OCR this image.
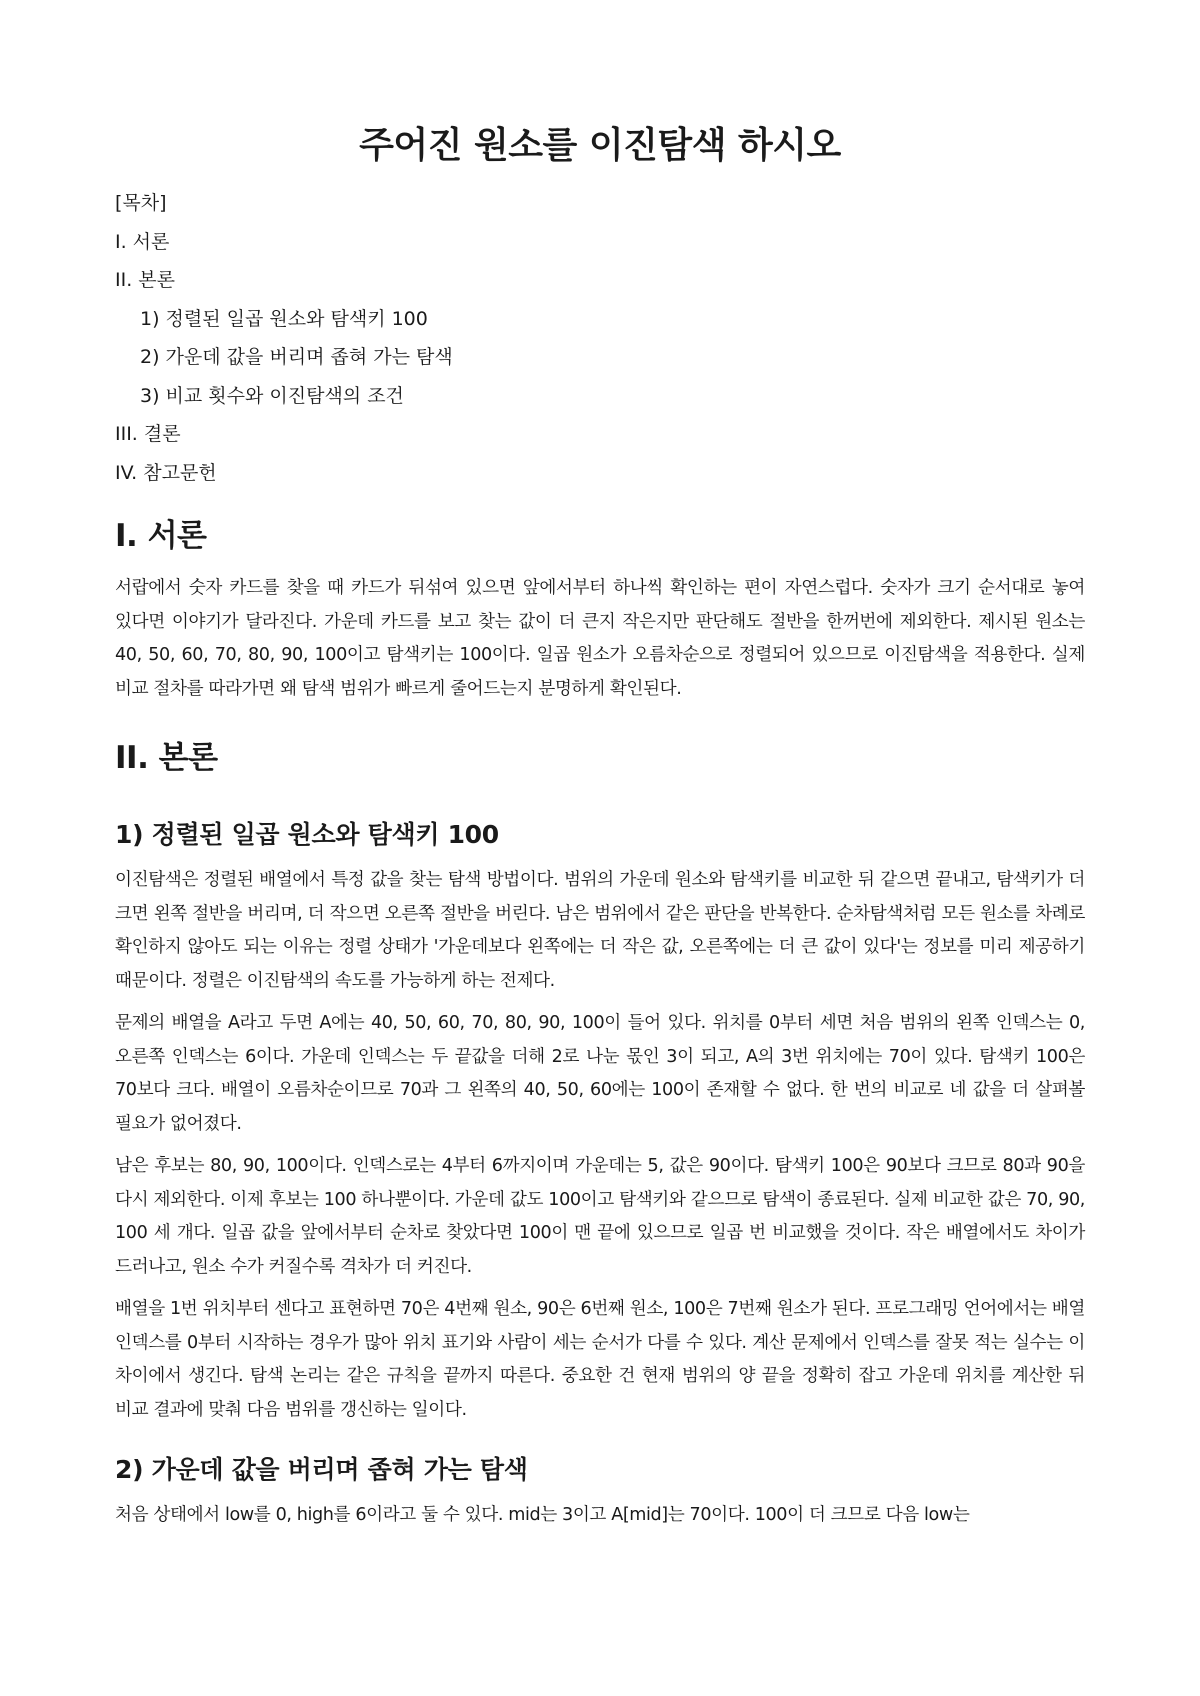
주어진 원소를 이진탐색 하시오
[목차]
I. 서론
II. 본론
1) 정렬된 일곱 원소와 탐색키 100
2) 가운데 값을 버리며 좁혀 가는 탐색
3) 비교 횟수와 이진탐색의 조건
III. 결론
IV. 참고문헌
I. 서론

서랍에서 숫자 카드를 찾을 때 카드가 뒤섞여 있으면 앞에서부터 하나씩 확인하는 편이 자연스럽다. 숫자가 크기 순서대로 놓여 있다면 이야기가 달라진다. 가운데 카드를 보고 찾는 값이 더 큰지 작은지만 판단해도 절반을 한꺼번에 제외한다. 제시된 원소는 40, 50, 60, 70, 80, 90, 100이고 탐색키는 100이다. 일곱 원소가 오름차순으로 정렬되어 있으므로 이진탐색을 적용한다. 실제 비교 절차를 따라가면 왜 탐색 범위가 빠르게 줄어드는지 분명하게 확인된다.

II. 본론
1) 정렬된 일곱 원소와 탐색키 100

이진탐색은 정렬된 배열에서 특정 값을 찾는 탐색 방법이다. 범위의 가운데 원소와 탐색키를 비교한 뒤 같으면 끝내고, 탐색키가 더 크면 왼쪽 절반을 버리며, 더 작으면 오른쪽 절반을 버린다. 남은 범위에서 같은 판단을 반복한다. 순차탐색처럼 모든 원소를 차례로 확인하지 않아도 되는 이유는 정렬 상태가 '가운데보다 왼쪽에는 더 작은 값, 오른쪽에는 더 큰 값이 있다'는 정보를 미리 제공하기 때문이다. 정렬은 이진탐색의 속도를 가능하게 하는 전제다.

문제의 배열을 A라고 두면 A에는 40, 50, 60, 70, 80, 90, 100이 들어 있다. 위치를 0부터 세면 처음 범위의 왼쪽 인덱스는 0, 오른쪽 인덱스는 6이다. 가운데 인덱스는 두 끝값을 더해 2로 나눈 몫인 3이 되고, A의 3번 위치에는 70이 있다. 탐색키 100은 70보다 크다. 배열이 오름차순이므로 70과 그 왼쪽의 40, 50, 60에는 100이 존재할 수 없다. 한 번의 비교로 네 값을 더 살펴볼 필요가 없어졌다.

남은 후보는 80, 90, 100이다. 인덱스로는 4부터 6까지이며 가운데는 5, 값은 90이다. 탐색키 100은 90보다 크므로 80과 90을 다시 제외한다. 이제 후보는 100 하나뿐이다. 가운데 값도 100이고 탐색키와 같으므로 탐색이 종료된다. 실제 비교한 값은 70, 90, 100 세 개다. 일곱 값을 앞에서부터 순차로 찾았다면 100이 맨 끝에 있으므로 일곱 번 비교했을 것이다. 작은 배열에서도 차이가 드러나고, 원소 수가 커질수록 격차가 더 커진다.

배열을 1번 위치부터 센다고 표현하면 70은 4번째 원소, 90은 6번째 원소, 100은 7번째 원소가 된다. 프로그래밍 언어에서는 배열 인덱스를 0부터 시작하는 경우가 많아 위치 표기와 사람이 세는 순서가 다를 수 있다. 계산 문제에서 인덱스를 잘못 적는 실수는 이 차이에서 생긴다. 탐색 논리는 같은 규칙을 끝까지 따른다. 중요한 건 현재 범위의 양 끝을 정확히 잡고 가운데 위치를 계산한 뒤 비교 결과에 맞춰 다음 범위를 갱신하는 일이다.

2) 가운데 값을 버리며 좁혀 가는 탐색

처음 상태에서 low를 0, high를 6이라고 둘 수 있다. mid는 3이고 A[mid]는 70이다. 100이 더 크므로 다음 low는
